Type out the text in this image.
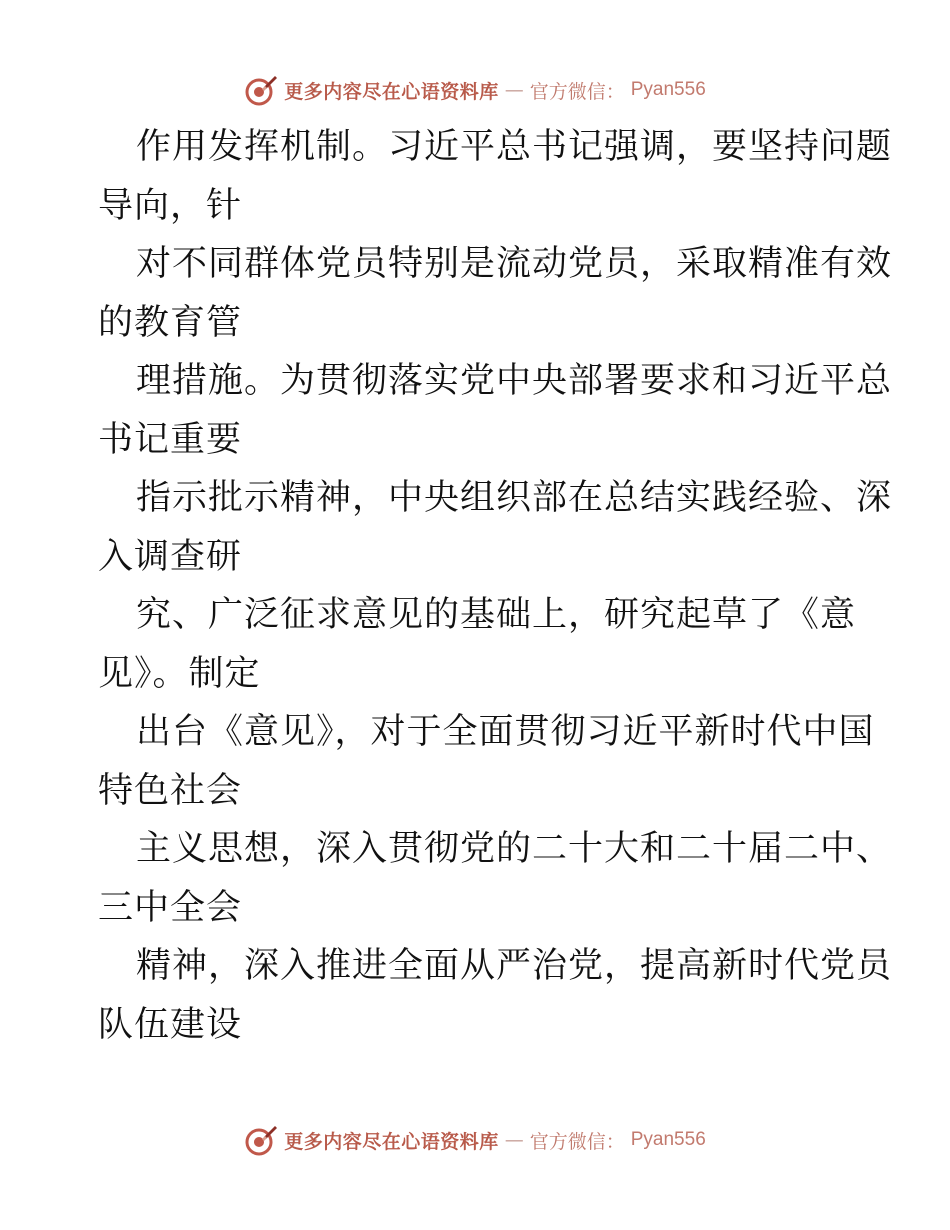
更多内容尽在心语资料库 — 官方微信： Pyan556

作用发挥机制。习近平总书记强调，要坚持问题
导向，针

对不同群体党员特别是流动党员，采取精准有效
的教育管

理措施。为贯彻落实党中央部署要求和习近平总
书记重要

指示批示精神，中央组织部在总结实践经验、深
入调查研

究、广泛征求意见的基础上，研究起草了《意
见》。制定

出台《意见》，对于全面贯彻习近平新时代中国
特色社会

主义思想，深入贯彻党的二十大和二十届二中、
三中全会

精神，深入推进全面从严治党，提高新时代党员
队伍建设

更多内容尽在心语资料库 — 官方微信： Pyan556
